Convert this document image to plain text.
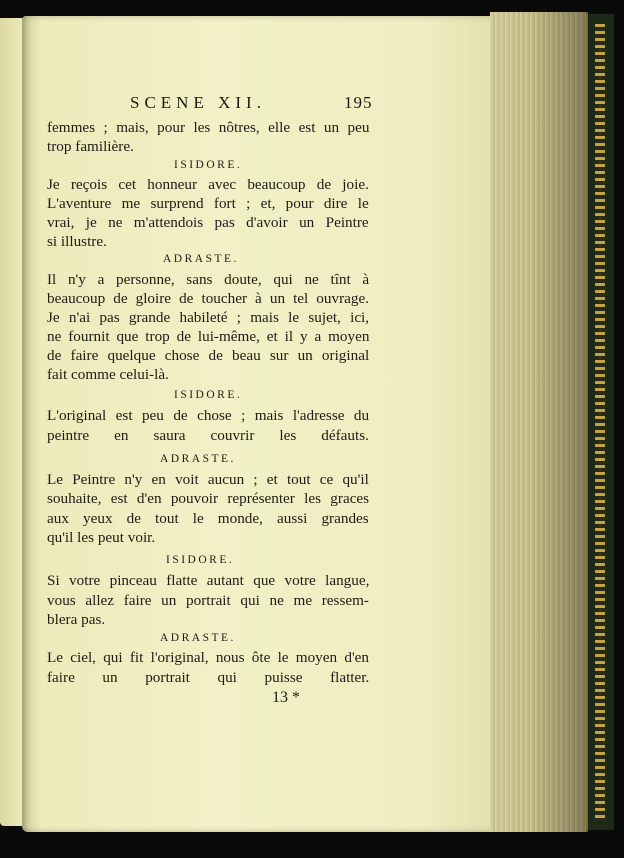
SCENE XII.	195
femmes ; mais, pour les nôtres, elle est un peu
trop familière.
ISIDORE.
Je reçois cet honneur avec beaucoup de joie.
L'aventure me surprend fort ; et, pour dire le
vrai, je ne m'attendois pas d'avoir un Peintre
si illustre.
ADRASTE.
Il n'y a personne, sans doute, qui ne tînt à
beaucoup de gloire de toucher à un tel ouvrage.
Je n'ai pas grande habileté ; mais le sujet, ici,
ne fournit que trop de lui-même, et il y a moyen
de faire quelque chose de beau sur un original
fait comme celui-là.
ISIDORE.
L'original est peu de chose ; mais l'adresse du
peintre en saura couvrir les défauts.
ADRASTE.
Le Peintre n'y en voit aucun ; et tout ce qu'il
souhaite, est d'en pouvoir représenter les graces
aux yeux de tout le monde, aussi grandes
qu'il les peut voir.
ISIDORE.
Si votre pinceau flatte autant que votre langue,
vous allez faire un portrait qui ne me ressem-
blera pas.
ADRASTE.
Le ciel, qui fit l'original, nous ôte le moyen d'en
faire un portrait qui puisse flatter.
13 *
